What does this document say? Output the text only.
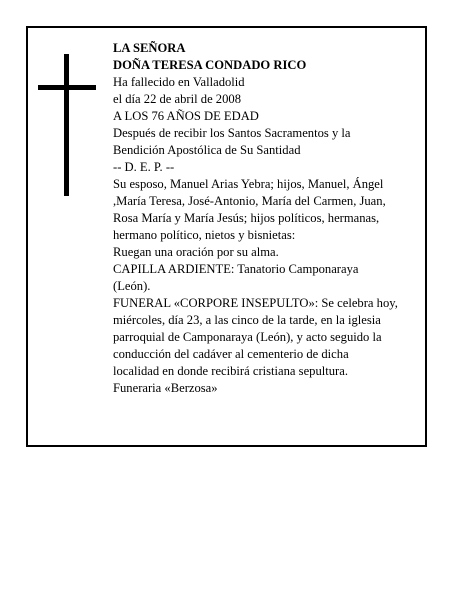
LA SEÑORA
DOÑA TERESA CONDADO RICO
Ha fallecido en Valladolid
el día 22 de abril de 2008
A LOS 76 AÑOS DE EDAD
Después de recibir los Santos Sacramentos y la
Bendición Apostólica de Su Santidad
-- D. E. P. --
Su esposo, Manuel Arias Yebra; hijos, Manuel, Ángel
,María Teresa, José-Antonio, María del Carmen, Juan,
Rosa María y María Jesús; hijos políticos, hermanas,
hermano político, nietos y bisnietas:
Ruegan una oración por su alma.
CAPILLA ARDIENTE: Tanatorio Camponaraya
(León).
FUNERAL «CORPORE INSEPULTO»: Se celebra hoy,
miércoles, día 23, a las cinco de la tarde, en la iglesia
parroquial de Camponaraya (León), y acto seguido la
conducción del cadáver al cementerio de dicha
localidad en donde recibirá cristiana sepultura.
Funeraria «Berzosa»
